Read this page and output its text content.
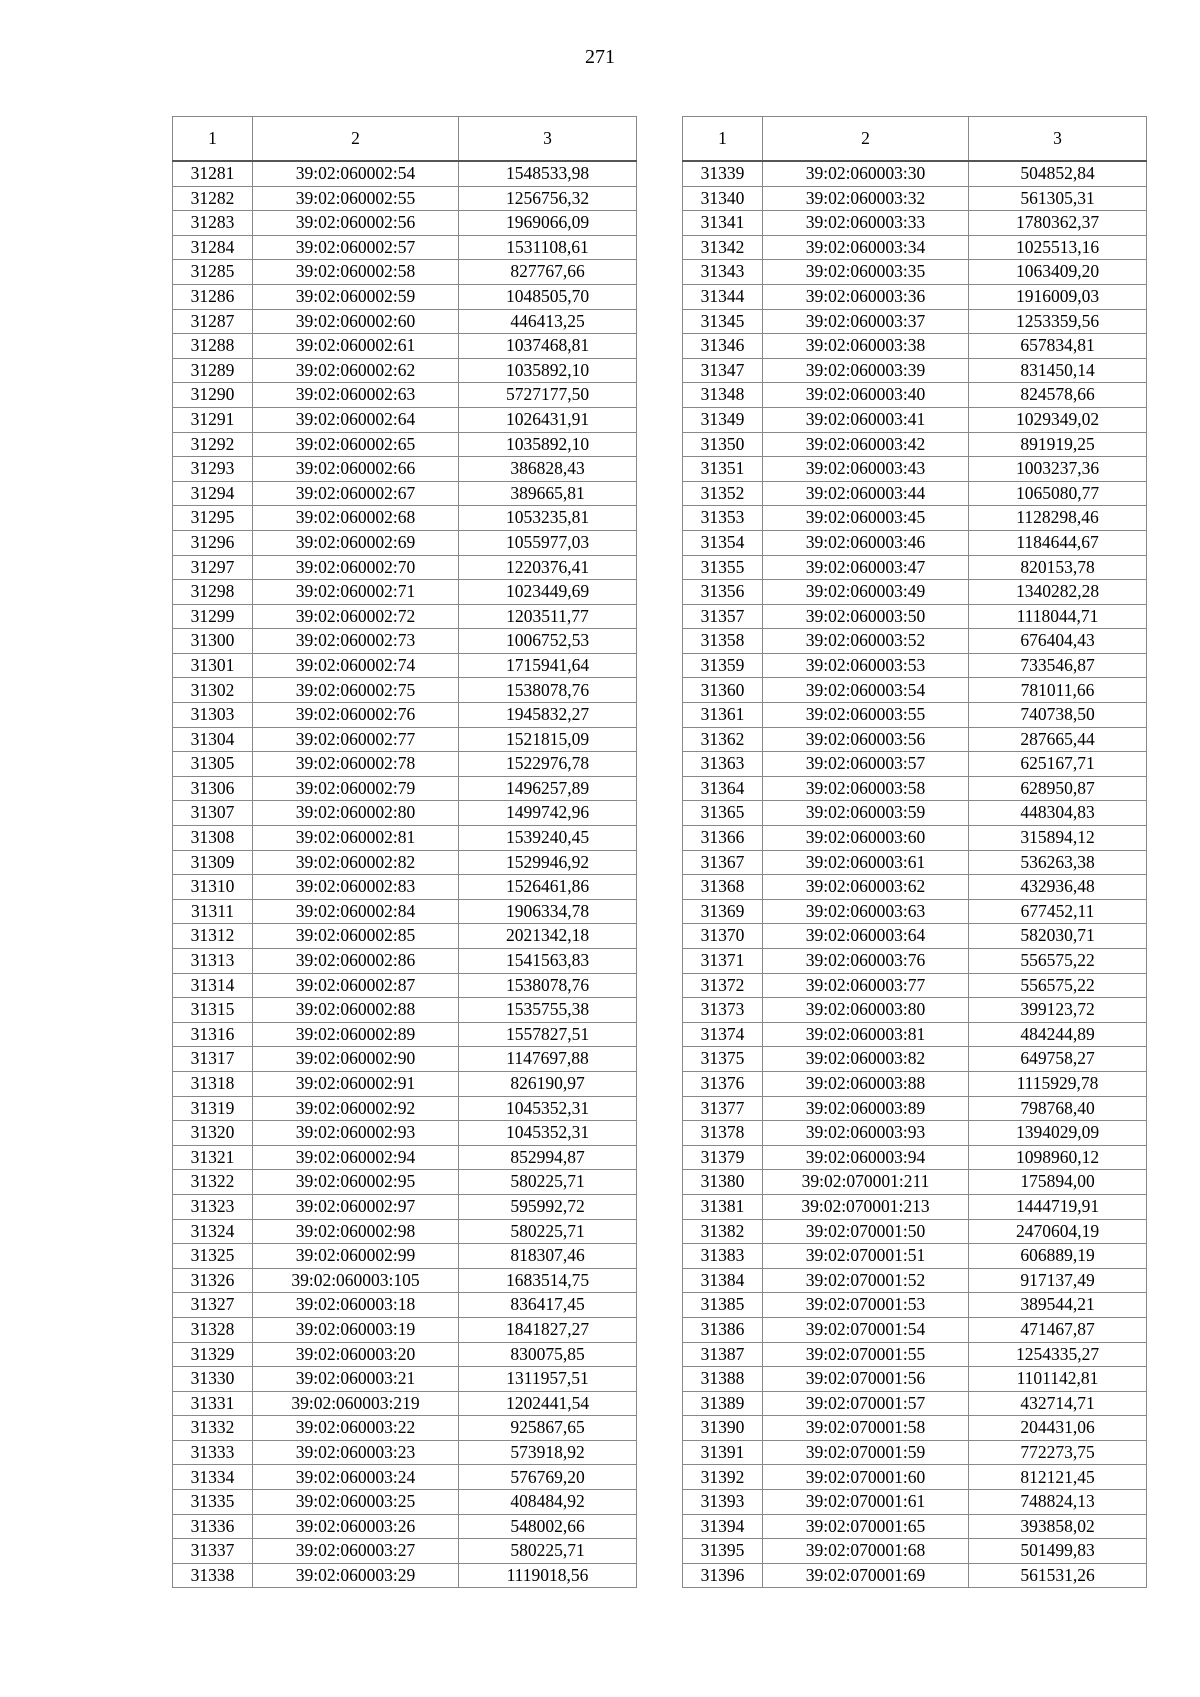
271
1	2	3
31281	39:02:060002:54	1548533,98
31282	39:02:060002:55	1256756,32
31283	39:02:060002:56	1969066,09
31284	39:02:060002:57	1531108,61
31285	39:02:060002:58	827767,66
31286	39:02:060002:59	1048505,70
31287	39:02:060002:60	446413,25
31288	39:02:060002:61	1037468,81
31289	39:02:060002:62	1035892,10
31290	39:02:060002:63	5727177,50
31291	39:02:060002:64	1026431,91
31292	39:02:060002:65	1035892,10
31293	39:02:060002:66	386828,43
31294	39:02:060002:67	389665,81
31295	39:02:060002:68	1053235,81
31296	39:02:060002:69	1055977,03
31297	39:02:060002:70	1220376,41
31298	39:02:060002:71	1023449,69
31299	39:02:060002:72	1203511,77
31300	39:02:060002:73	1006752,53
31301	39:02:060002:74	1715941,64
31302	39:02:060002:75	1538078,76
31303	39:02:060002:76	1945832,27
31304	39:02:060002:77	1521815,09
31305	39:02:060002:78	1522976,78
31306	39:02:060002:79	1496257,89
31307	39:02:060002:80	1499742,96
31308	39:02:060002:81	1539240,45
31309	39:02:060002:82	1529946,92
31310	39:02:060002:83	1526461,86
31311	39:02:060002:84	1906334,78
31312	39:02:060002:85	2021342,18
31313	39:02:060002:86	1541563,83
31314	39:02:060002:87	1538078,76
31315	39:02:060002:88	1535755,38
31316	39:02:060002:89	1557827,51
31317	39:02:060002:90	1147697,88
31318	39:02:060002:91	826190,97
31319	39:02:060002:92	1045352,31
31320	39:02:060002:93	1045352,31
31321	39:02:060002:94	852994,87
31322	39:02:060002:95	580225,71
31323	39:02:060002:97	595992,72
31324	39:02:060002:98	580225,71
31325	39:02:060002:99	818307,46
31326	39:02:060003:105	1683514,75
31327	39:02:060003:18	836417,45
31328	39:02:060003:19	1841827,27
31329	39:02:060003:20	830075,85
31330	39:02:060003:21	1311957,51
31331	39:02:060003:219	1202441,54
31332	39:02:060003:22	925867,65
31333	39:02:060003:23	573918,92
31334	39:02:060003:24	576769,20
31335	39:02:060003:25	408484,92
31336	39:02:060003:26	548002,66
31337	39:02:060003:27	580225,71
31338	39:02:060003:29	1119018,56
1	2	3
31339	39:02:060003:30	504852,84
31340	39:02:060003:32	561305,31
31341	39:02:060003:33	1780362,37
31342	39:02:060003:34	1025513,16
31343	39:02:060003:35	1063409,20
31344	39:02:060003:36	1916009,03
31345	39:02:060003:37	1253359,56
31346	39:02:060003:38	657834,81
31347	39:02:060003:39	831450,14
31348	39:02:060003:40	824578,66
31349	39:02:060003:41	1029349,02
31350	39:02:060003:42	891919,25
31351	39:02:060003:43	1003237,36
31352	39:02:060003:44	1065080,77
31353	39:02:060003:45	1128298,46
31354	39:02:060003:46	1184644,67
31355	39:02:060003:47	820153,78
31356	39:02:060003:49	1340282,28
31357	39:02:060003:50	1118044,71
31358	39:02:060003:52	676404,43
31359	39:02:060003:53	733546,87
31360	39:02:060003:54	781011,66
31361	39:02:060003:55	740738,50
31362	39:02:060003:56	287665,44
31363	39:02:060003:57	625167,71
31364	39:02:060003:58	628950,87
31365	39:02:060003:59	448304,83
31366	39:02:060003:60	315894,12
31367	39:02:060003:61	536263,38
31368	39:02:060003:62	432936,48
31369	39:02:060003:63	677452,11
31370	39:02:060003:64	582030,71
31371	39:02:060003:76	556575,22
31372	39:02:060003:77	556575,22
31373	39:02:060003:80	399123,72
31374	39:02:060003:81	484244,89
31375	39:02:060003:82	649758,27
31376	39:02:060003:88	1115929,78
31377	39:02:060003:89	798768,40
31378	39:02:060003:93	1394029,09
31379	39:02:060003:94	1098960,12
31380	39:02:070001:211	175894,00
31381	39:02:070001:213	1444719,91
31382	39:02:070001:50	2470604,19
31383	39:02:070001:51	606889,19
31384	39:02:070001:52	917137,49
31385	39:02:070001:53	389544,21
31386	39:02:070001:54	471467,87
31387	39:02:070001:55	1254335,27
31388	39:02:070001:56	1101142,81
31389	39:02:070001:57	432714,71
31390	39:02:070001:58	204431,06
31391	39:02:070001:59	772273,75
31392	39:02:070001:60	812121,45
31393	39:02:070001:61	748824,13
31394	39:02:070001:65	393858,02
31395	39:02:070001:68	501499,83
31396	39:02:070001:69	561531,26
